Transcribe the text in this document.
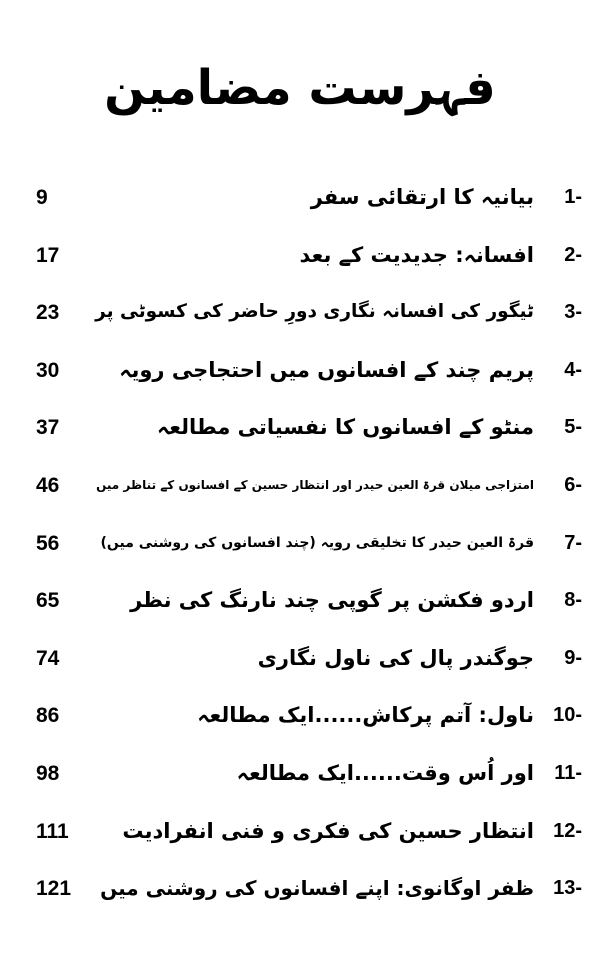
فہرست مضامین
9	بیانیہ کا ارتقائی سفر	1-
17	افسانہ: جدیدیت کے بعد	2-
23	ٹیگور کی افسانہ نگاری دورِ حاضر کی کسوٹی پر	3-
30	پریم چند کے افسانوں میں احتجاجی رویہ	4-
37	منٹو کے افسانوں کا نفسیاتی مطالعہ	5-
46	امتزاجی میلان قرۃ العین حیدر اور انتظار حسین کے افسانوں کے تناظر میں	6-
56	قرۃ العین حیدر کا تخلیقی رویہ (چند افسانوں کی روشنی میں)	7-
65	اردو فکشن پر گوپی چند نارنگ کی نظر	8-
74	جوگندر پال کی ناول نگاری	9-
86	ناول: آتم پرکاش......ایک مطالعہ 10-
98	اور اُس وقت......ایک مطالعہ	11-
111	انتظار حسین کی فکری و فنی انفرادیت 12-
121	ظفر اوگانوی: اپنے افسانوں کی روشنی میں 13-
